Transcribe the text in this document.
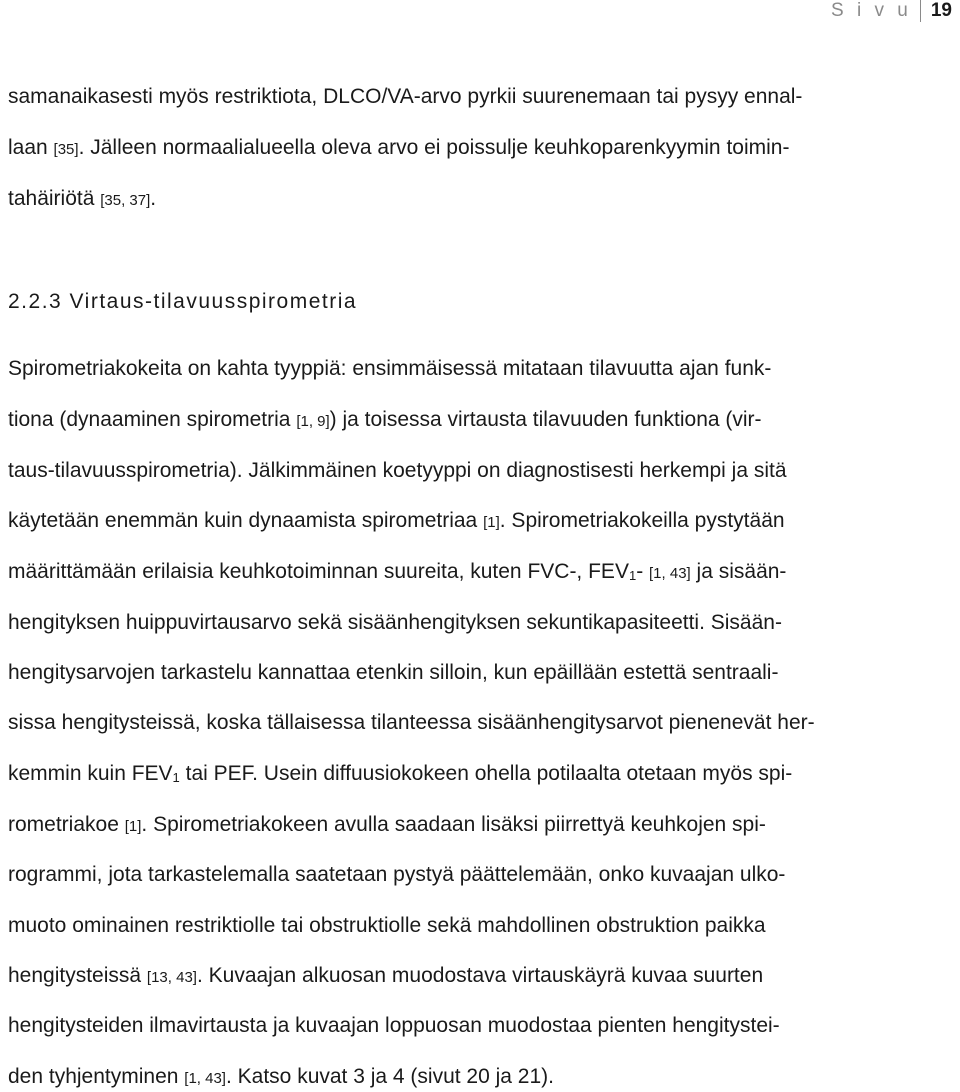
S i v u	19
samanaikasesti myös restriktiota, DLCO/VA-arvo pyrkii suurenemaan tai pysyy ennal-
laan [35]. Jälleen normaalialueella oleva arvo ei poissulje keuhkoparenkyymin toimin-
tahäiriötä [35, 37].
2.2.3 Virtaus-tilavuusspirometria
Spirometriakokeita on kahta tyyppiä: ensimmäisessä mitataan tilavuutta ajan funk-
tiona (dynaaminen spirometria [1, 9]) ja toisessa virtausta tilavuuden funktiona (vir-
taus-tilavuusspirometria). Jälkimmäinen koetyyppi on diagnostisesti herkempi ja sitä
käytetään enemmän kuin dynaamista spirometriaa [1]. Spirometriakokeilla pystytään
määrittämään erilaisia keuhkotoiminnan suureita, kuten FVC-, $FEV_1-$ [1, 43] ja sisään-
hengityksen huippuvirtausarvo sekä sisäänhengityksen sekuntikapasiteetti. Sisään-
hengitysarvojen tarkastelu kannattaa etenkin silloin, kun epäillään estettä sentraali-
sissa hengitysteissä, koska tällaisessa tilanteessa sisäänhengitysarvot pienenevät her-
kemmin kuin $FEV_1$ tai PEF. Usein diffuusiokokeen ohella potilaalta otetaan myös spi-
rometriakoe [1]. Spirometriakokeen avulla saadaan lisäksi piirrettyä keuhkojen spi-
rogrammi, jota tarkastelemalla saatetaan pystyä päättelemään, onko kuvaajan ulko-
muoto ominainen restriktiolle tai obstruktiolle sekä mahdollinen obstruktion paikka
hengitysteissä [13, 43]. Kuvaajan alkuosan muodostava virtauskäyrä kuvaa suurten
hengitysteiden ilmavirtausta ja kuvaajan loppuosan muodostaa pienten hengitystei-
den tyhjentyminen [1, 43]. Katso kuvat 3 ja 4 (sivut 20 ja 21).
